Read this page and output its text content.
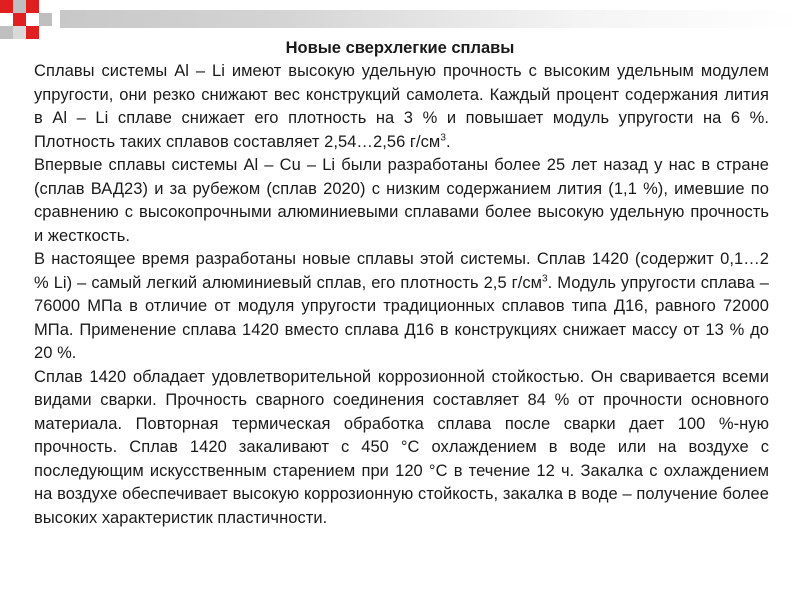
Новые сверхлегкие сплавы

Сплавы системы Al – Li имеют высокую удельную прочность с высоким удельным модулем упругости, они резко снижают вес конструкций самолета. Каждый процент содержания лития в Al – Li сплаве снижает его плотность на 3 % и повышает модуль упругости на 6 %. Плотность таких сплавов составляет 2,54…2,56 $г/см^3$.

Впервые сплавы системы Al – Cu – Li были разработаны более 25 лет назад у нас в стране (сплав ВАД23) и за рубежом (сплав 2020) с низким содержанием лития (1,1 %), имевшие по сравнению с высокопрочными алюминиевыми сплавами более высокую удельную прочность и жесткость.

В настоящее время разработаны новые сплавы этой системы. Сплав 1420 (содержит 0,1…2 % Li) – самый легкий алюминиевый сплав, его плотность 2,5 $г/см^3$. Модуль упругости сплава – 76000 МПа в отличие от модуля упругости традиционных сплавов типа Д16, равного 72000 МПа. Применение сплава 1420 вместо сплава Д16 в конструкциях снижает массу от 13 % до 20 %.

Сплав 1420 обладает удовлетворительной коррозионной стойкостью. Он сваривается всеми видами сварки. Прочность сварного соединения составляет 84 % от прочности основного материала. Повторная термическая обработка сплава после сварки дает 100 %-ную прочность. Сплав 1420 закаливают с 450 °С охлаждением в воде или на воздухе с последующим искусственным старением при 120 °С в течение 12 ч. Закалка с охлаждением на воздухе обеспечивает высокую коррозионную стойкость, закалка в воде – получение более высоких характеристик пластичности.
